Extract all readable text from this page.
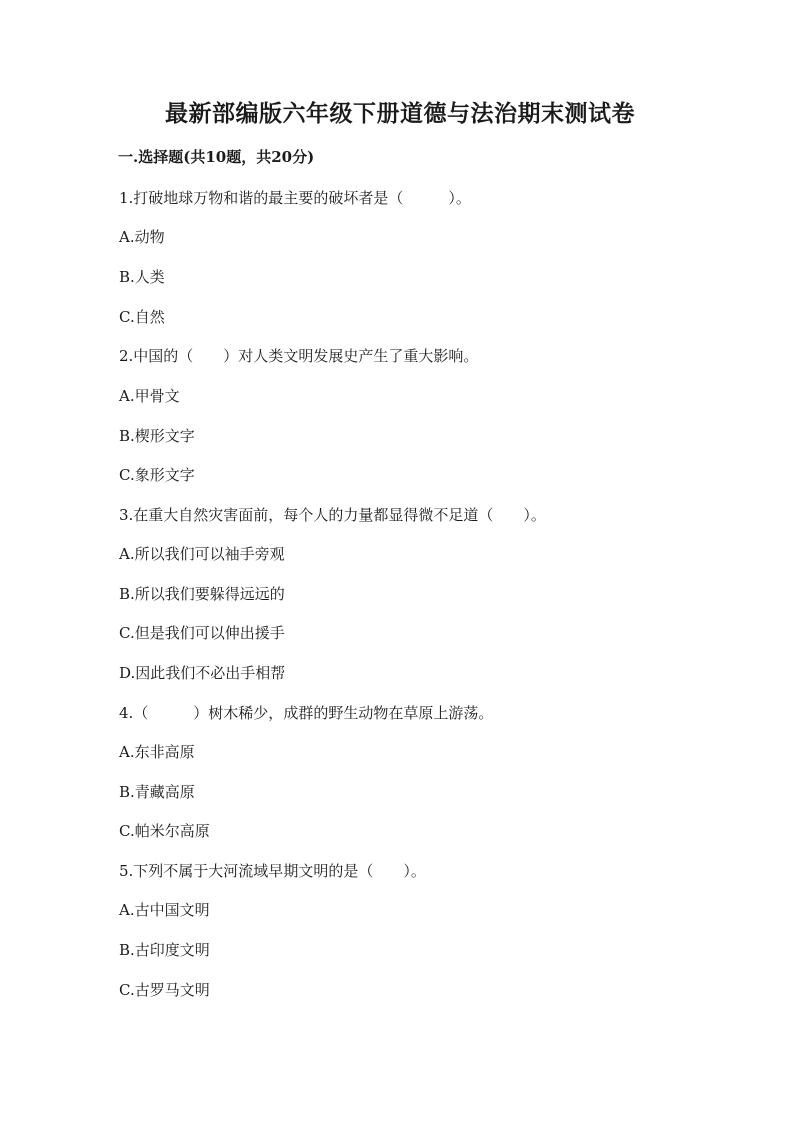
最新部编版六年级下册道德与法治期末测试卷
一.选择题(共10题，共20分)
1.打破地球万物和谐的最主要的破坏者是（　　　）。
A.动物
B.人类
C.自然
2.中国的（　　）对人类文明发展史产生了重大影响。
A.甲骨文
B.楔形文字
C.象形文字
3.在重大自然灾害面前，每个人的力量都显得微不足道（　　）。
A.所以我们可以袖手旁观
B.所以我们要躲得远远的
C.但是我们可以伸出援手
D.因此我们不必出手相帮
4.（　　　）树木稀少，成群的野生动物在草原上游荡。
A.东非高原
B.青藏高原
C.帕米尔高原
5.下列不属于大河流域早期文明的是（　　）。
A.古中国文明
B.古印度文明
C.古罗马文明
